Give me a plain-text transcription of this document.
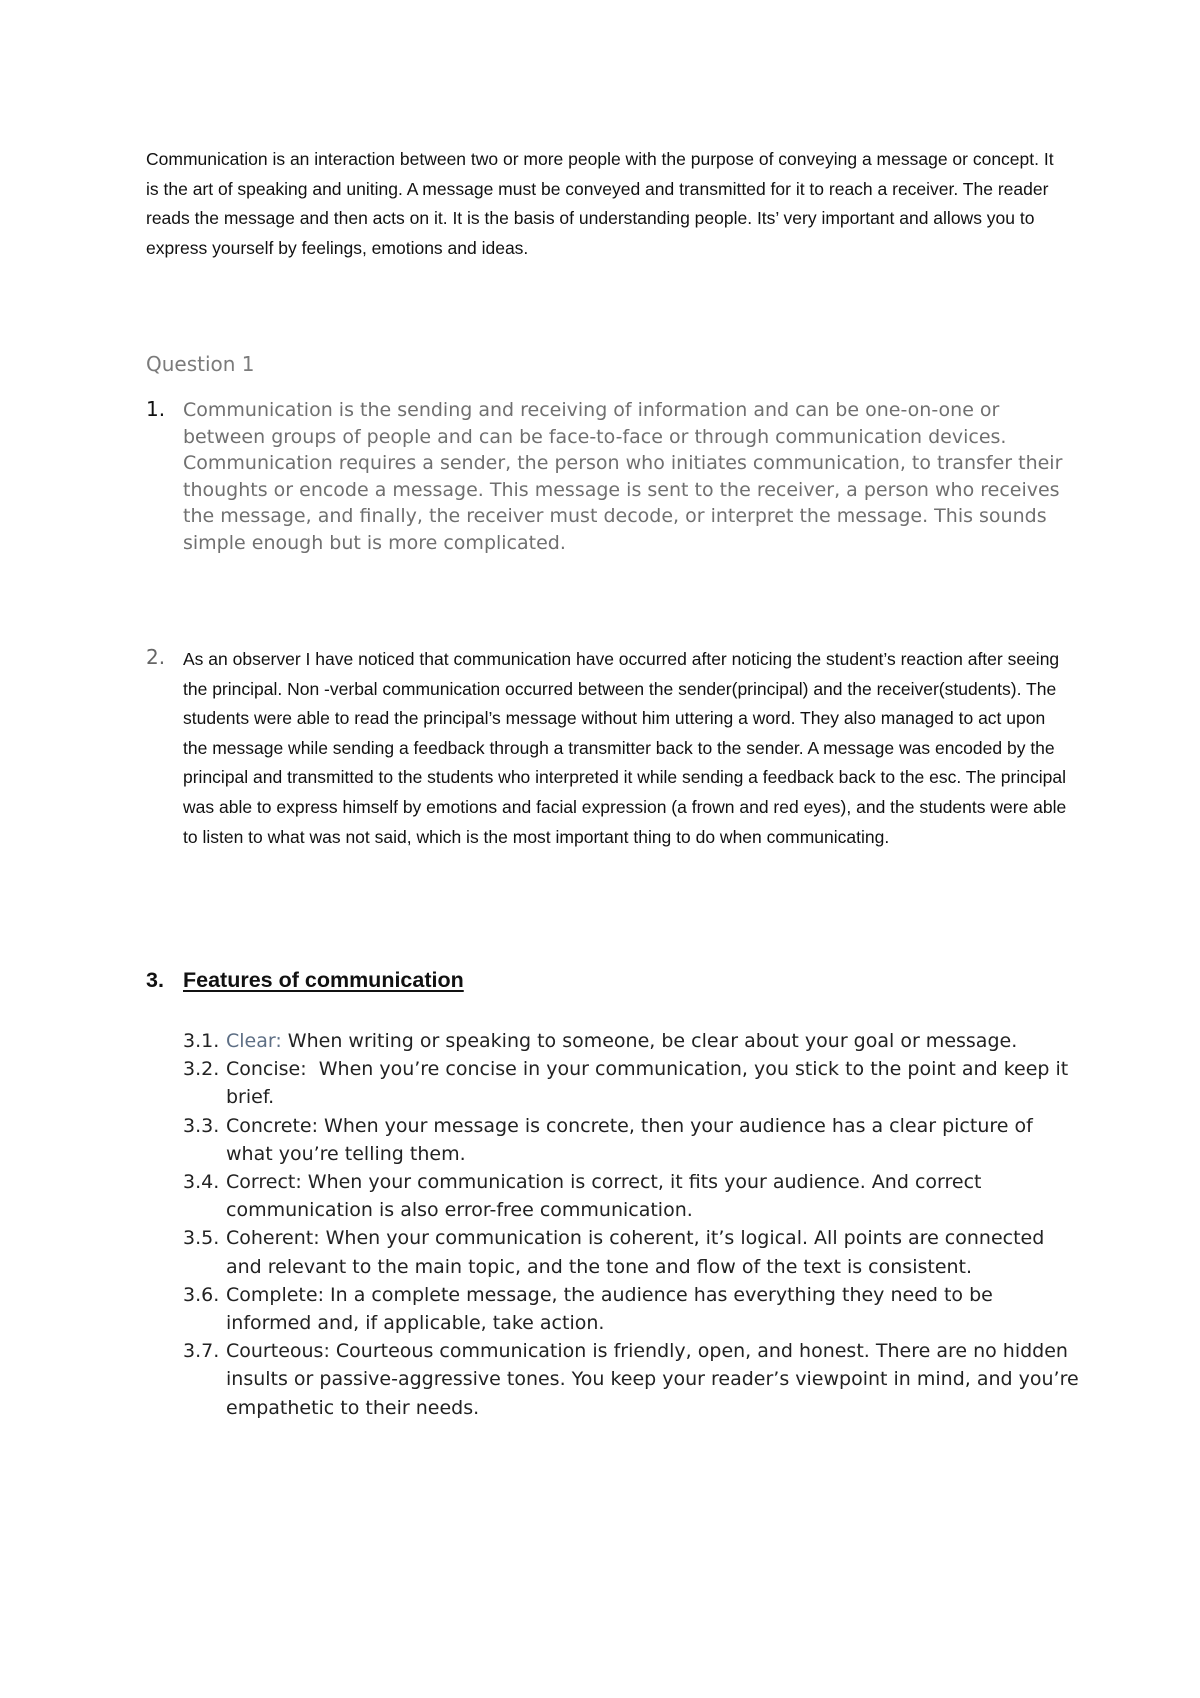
Communication is an interaction between two or more people with the purpose of conveying a message or concept. It is the art of speaking and uniting. A message must be conveyed and transmitted for it to reach a receiver. The reader reads the message and then acts on it. It is the basis of understanding people. Its’ very important and allows you to express yourself by feelings, emotions and ideas.

Question 1
1. Communication is the sending and receiving of information and can be one-on-one or between groups of people and can be face-to-face or through communication devices. Communication requires a sender, the person who initiates communication, to transfer their thoughts or encode a message. This message is sent to the receiver, a person who receives the message, and finally, the receiver must decode, or interpret the message. This sounds simple enough but is more complicated.

2. As an observer I have noticed that communication have occurred after noticing the student’s reaction after seeing the principal. Non -verbal communication occurred between the sender(principal) and the receiver(students). The students were able to read the principal’s message without him uttering a word. They also managed to act upon the message while sending a feedback through a transmitter back to the sender. A message was encoded by the principal and transmitted to the students who interpreted it while sending a feedback back to the esc. The principal was able to express himself by emotions and facial expression (a frown and red eyes), and the students were able to listen to what was not said, which is the most important thing to do when communicating.

3. Features of communication
3.1. Clear: When writing or speaking to someone, be clear about your goal or message.
3.2. Concise:  When you’re concise in your communication, you stick to the point and keep it brief.
3.3. Concrete: When your message is concrete, then your audience has a clear picture of what you’re telling them.
3.4. Correct: When your communication is correct, it fits your audience. And correct communication is also error-free communication.
3.5. Coherent: When your communication is coherent, it’s logical. All points are connected and relevant to the main topic, and the tone and flow of the text is consistent.
3.6. Complete: In a complete message, the audience has everything they need to be informed and, if applicable, take action.
3.7. Courteous: Courteous communication is friendly, open, and honest. There are no hidden insults or passive-aggressive tones. You keep your reader’s viewpoint in mind, and you’re empathetic to their needs.
